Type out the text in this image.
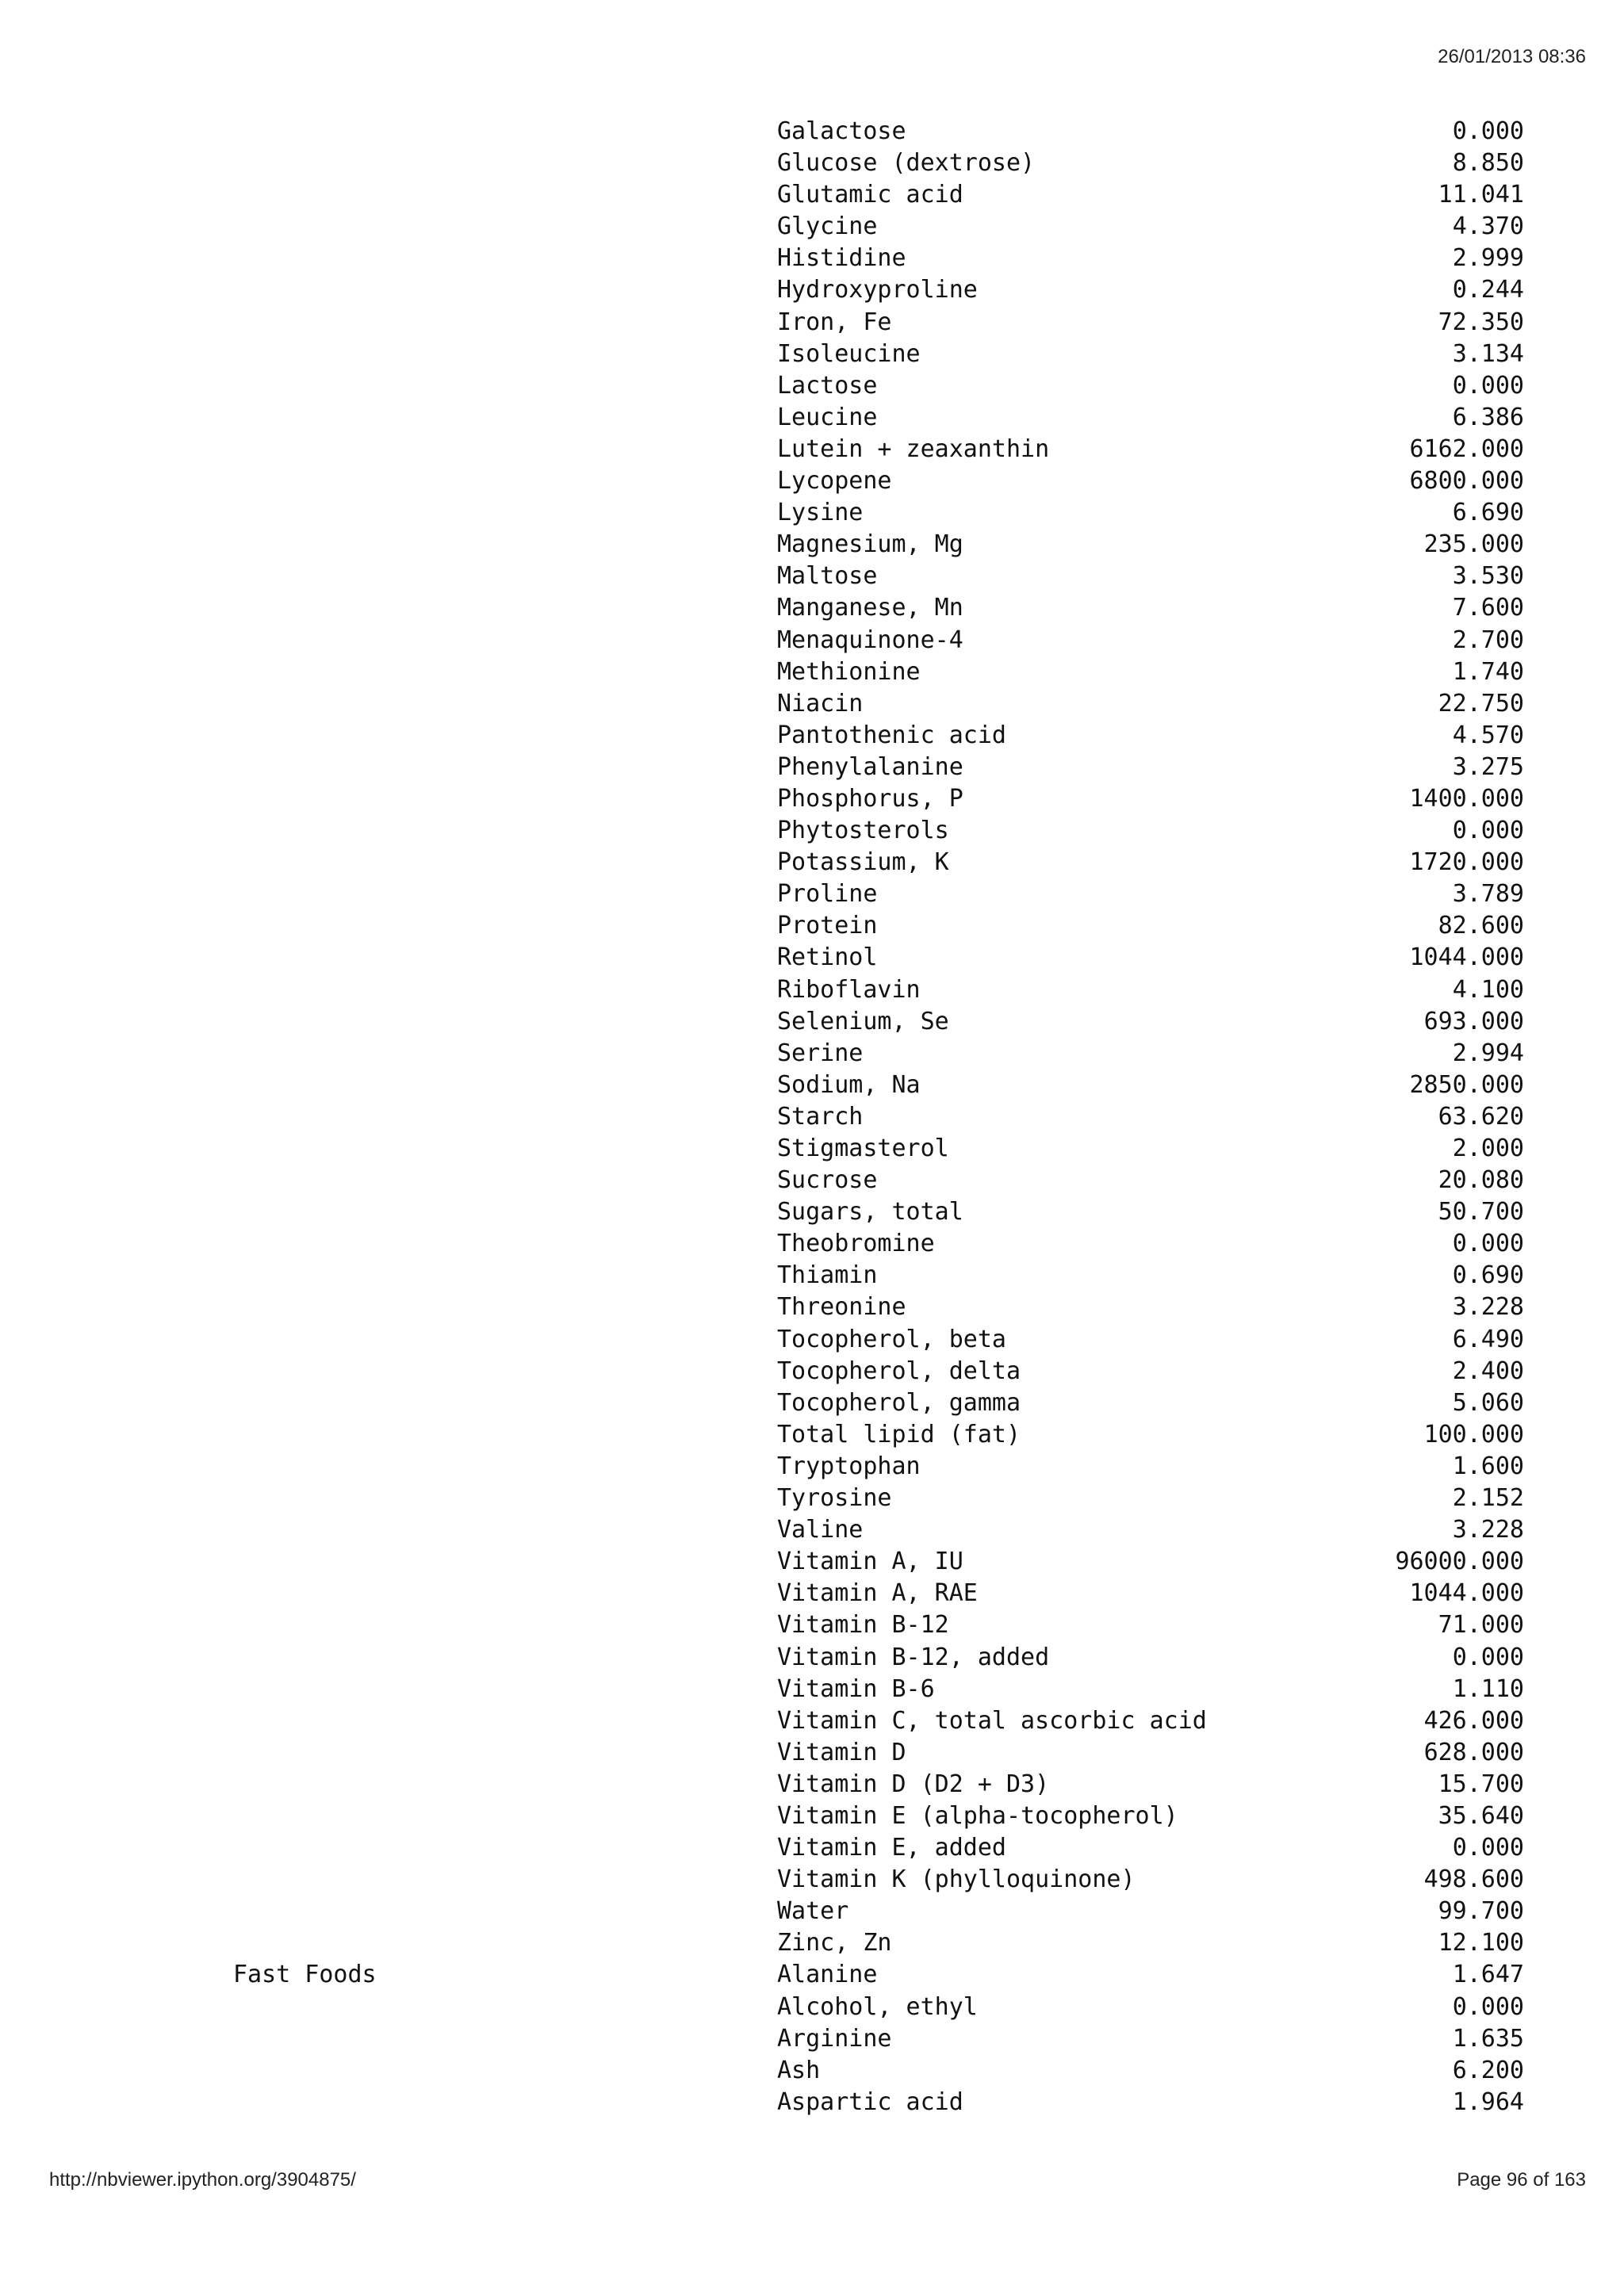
26/01/2013 08:36
Galactose	0.000
Glucose (dextrose)	8.850
Glutamic acid	11.041
Glycine	4.370
Histidine	2.999
Hydroxyproline	0.244
Iron, Fe	72.350
Isoleucine	3.134
Lactose	0.000
Leucine	6.386
Lutein + zeaxanthin	6162.000
Lycopene	6800.000
Lysine	6.690
Magnesium, Mg	235.000
Maltose	3.530
Manganese, Mn	7.600
Menaquinone-4	2.700
Methionine	1.740
Niacin	22.750
Pantothenic acid	4.570
Phenylalanine	3.275
Phosphorus, P	1400.000
Phytosterols	0.000
Potassium, K	1720.000
Proline	3.789
Protein	82.600
Retinol	1044.000
Riboflavin	4.100
Selenium, Se	693.000
Serine	2.994
Sodium, Na	2850.000
Starch	63.620
Stigmasterol	2.000
Sucrose	20.080
Sugars, total	50.700
Theobromine	0.000
Thiamin	0.690
Threonine	3.228
Tocopherol, beta	6.490
Tocopherol, delta	2.400
Tocopherol, gamma	5.060
Total lipid (fat)	100.000
Tryptophan	1.600
Tyrosine	2.152
Valine	3.228
Vitamin A, IU	96000.000
Vitamin A, RAE	1044.000
Vitamin B-12	71.000
Vitamin B-12, added	0.000
Vitamin B-6	1.110
Vitamin C, total ascorbic acid	426.000
Vitamin D	628.000
Vitamin D (D2 + D3)	15.700
Vitamin E (alpha-tocopherol)	35.640
Vitamin E, added	0.000
Vitamin K (phylloquinone)	498.600
Water	99.700
Zinc, Zn	12.100
Fast Foods	Alanine	1.647
Alcohol, ethyl	0.000
Arginine	1.635
Ash	6.200
Aspartic acid	1.964
http://nbviewer.ipython.org/3904875/	Page 96 of 163
